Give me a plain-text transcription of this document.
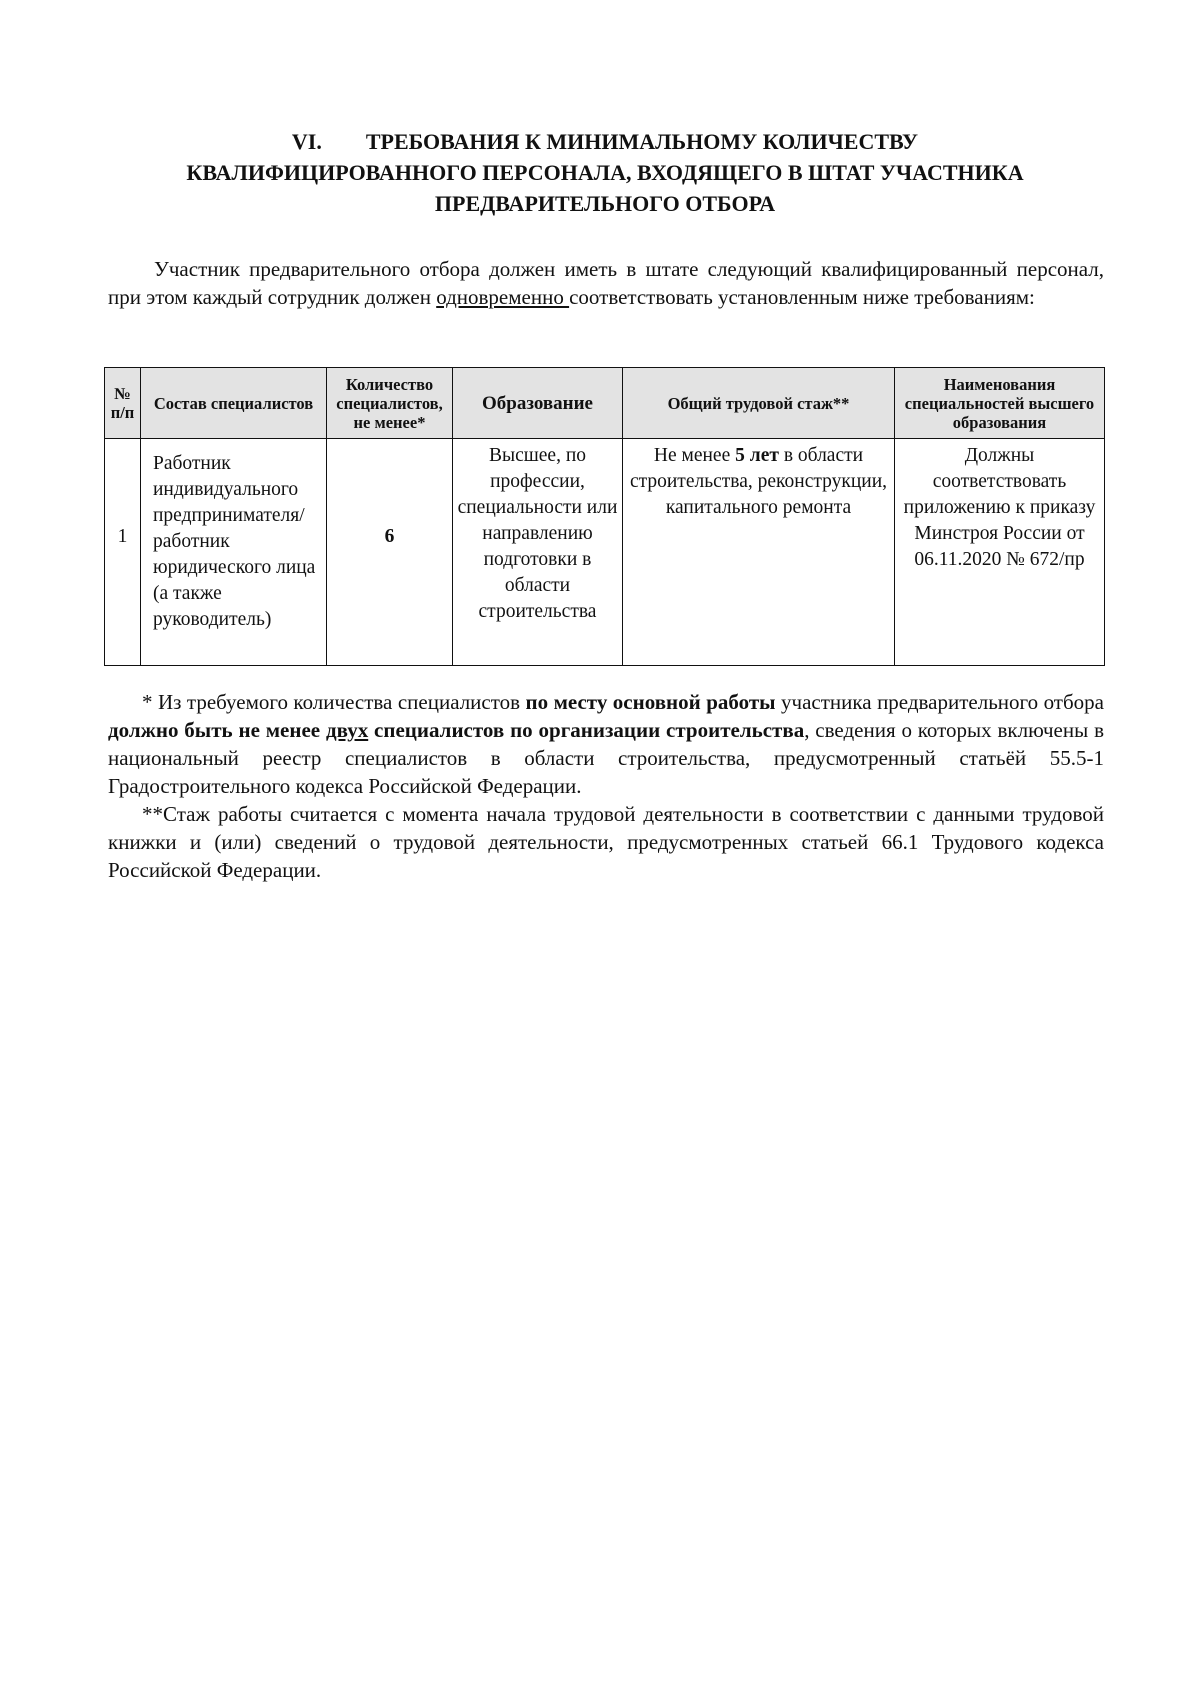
VI. ТРЕБОВАНИЯ К МИНИМАЛЬНОМУ КОЛИЧЕСТВУ
КВАЛИФИЦИРОВАННОГО ПЕРСОНАЛА, ВХОДЯЩЕГО В ШТАТ УЧАСТНИКА
ПРЕДВАРИТЕЛЬНОГО ОТБОРА
Участник предварительного отбора должен иметь в штате следующий квалифицированный персонал, при этом каждый сотрудник должен одновременно соответствовать установленным ниже требованиям:
№ п/п	Состав специалистов	Количество специалистов, не менее*	Образование	Общий трудовой стаж**	Наименования специальностей высшего образования
1	Работник индивидуального предпринимателя/ работник юридического лица (а также руководитель)	6	Высшее, по профессии, специальности или направлению подготовки в области строительства	Не менее 5 лет в области строительства, реконструкции, капитального ремонта	Должны соответствовать приложению к приказу Минстроя России от 06.11.2020 № 672/пр

* Из требуемого количества специалистов по месту основной работы участника предварительного отбора должно быть не менее двух специалистов по организации строительства, сведения о которых включены в национальный реестр специалистов в области строительства, предусмотренный статьёй 55.5-1 Градостроительного кодекса Российской Федерации.

**Стаж работы считается с момента начала трудовой деятельности в соответствии с данными трудовой книжки и (или) сведений о трудовой деятельности, предусмотренных статьей 66.1 Трудового кодекса Российской Федерации.
